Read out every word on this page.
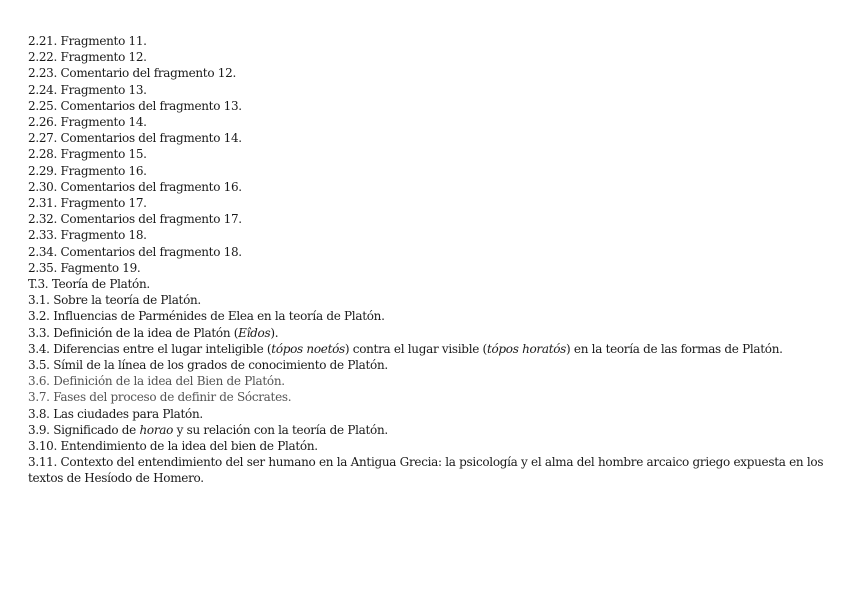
2.21. Fragmento 11.
2.22. Fragmento 12.
2.23. Comentario del fragmento 12.
2.24. Fragmento 13.
2.25. Comentarios del fragmento 13.
2.26. Fragmento 14.
2.27. Comentarios del fragmento 14.
2.28. Fragmento 15.
2.29. Fragmento 16.
2.30. Comentarios del fragmento 16.
2.31. Fragmento 17.
2.32. Comentarios del fragmento 17.
2.33. Fragmento 18.
2.34. Comentarios del fragmento 18.
2.35. Fagmento 19.
T.3. Teoría de Platón.
3.1. Sobre la teoría de Platón.
3.2. Influencias de Parménides de Elea en la teoría de Platón.
3.3. Definición de la idea de Platón (Eîdos).
3.4. Diferencias entre el lugar inteligible (tópos noetós) contra el lugar visible (tópos horatós) en la teoría de las formas de Platón.
3.5. Símil de la línea de los grados de conocimiento de Platón.
3.6. Definición de la idea del Bien de Platón.
3.7. Fases del proceso de definir de Sócrates.
3.8. Las ciudades para Platón.
3.9. Significado de horao y su relación con la teoría de Platón.
3.10. Entendimiento de la idea del bien de Platón.
3.11. Contexto del entendimiento del ser humano en la Antigua Grecia: la psicología y el alma del hombre arcaico griego expuesta en los textos de Hesíodo de Homero.
